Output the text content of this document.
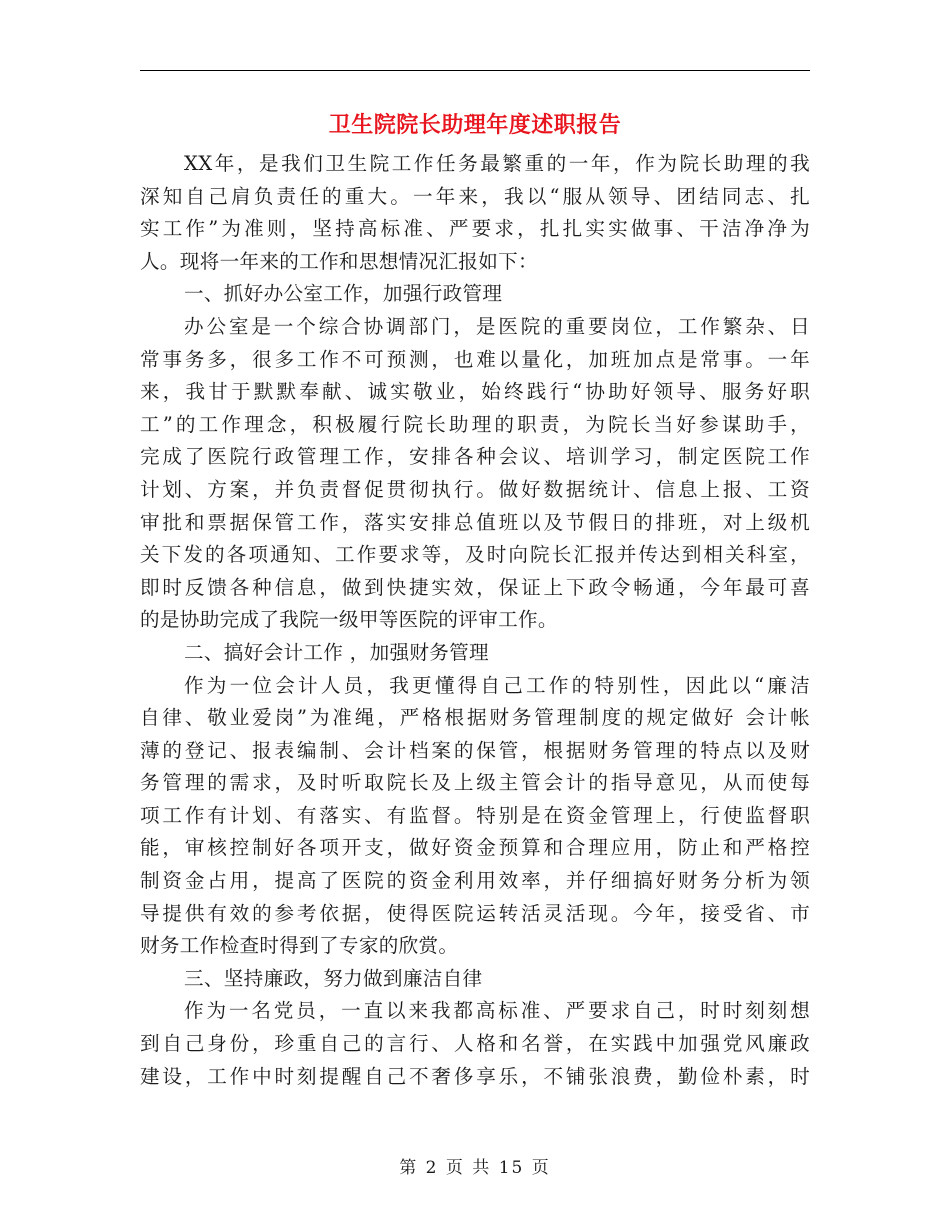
卫生院院长助理年度述职报告
XX年，是我们卫生院工作任务最繁重的一年，作为院长助理的我
深知自己肩负责任的重大。一年来，我以“服从领导、团结同志、扎
实工作”为准则，坚持高标准、严要求，扎扎实实做事、干洁净净为
人。现将一年来的工作和思想情况汇报如下：
一、抓好办公室工作，加强行政管理
办公室是一个综合协调部门，是医院的重要岗位，工作繁杂、日
常事务多，很多工作不可预测，也难以量化，加班加点是常事。一年
来，我甘于默默奉献、诚实敬业，始终践行“协助好领导、服务好职
工”的工作理念，积极履行院长助理的职责，为院长当好参谋助手，
完成了医院行政管理工作，安排各种会议、培训学习，制定医院工作
计划、方案，并负责督促贯彻执行。做好数据统计、信息上报、工资
审批和票据保管工作，落实安排总值班以及节假日的排班，对上级机
关下发的各项通知、工作要求等，及时向院长汇报并传达到相关科室，
即时反馈各种信息，做到快捷实效，保证上下政令畅通，今年最可喜
的是协助完成了我院一级甲等医院的评审工作。
二、搞好会计工作 ，加强财务管理
作为一位会计人员，我更懂得自己工作的特别性，因此以“廉洁
自律、敬业爱岗”为准绳，严格根据财务管理制度的规定做好 会计帐
薄的登记、报表编制、会计档案的保管，根据财务管理的特点以及财
务管理的需求，及时听取院长及上级主管会计的指导意见，从而使每
项工作有计划、有落实、有监督。特别是在资金管理上，行使监督职
能，审核控制好各项开支，做好资金预算和合理应用，防止和严格控
制资金占用，提高了医院的资金利用效率，并仔细搞好财务分析为领
导提供有效的参考依据，使得医院运转活灵活现。今年，接受省、市
财务工作检查时得到了专家的欣赏。
三、坚持廉政，努力做到廉洁自律
作为一名党员，一直以来我都高标准、严要求自己，时时刻刻想
到自己身份，珍重自己的言行、人格和名誉，在实践中加强党风廉政
建设，工作中时刻提醒自己不奢侈享乐，不铺张浪费，勤俭朴素，时
第 2 页 共 15 页
